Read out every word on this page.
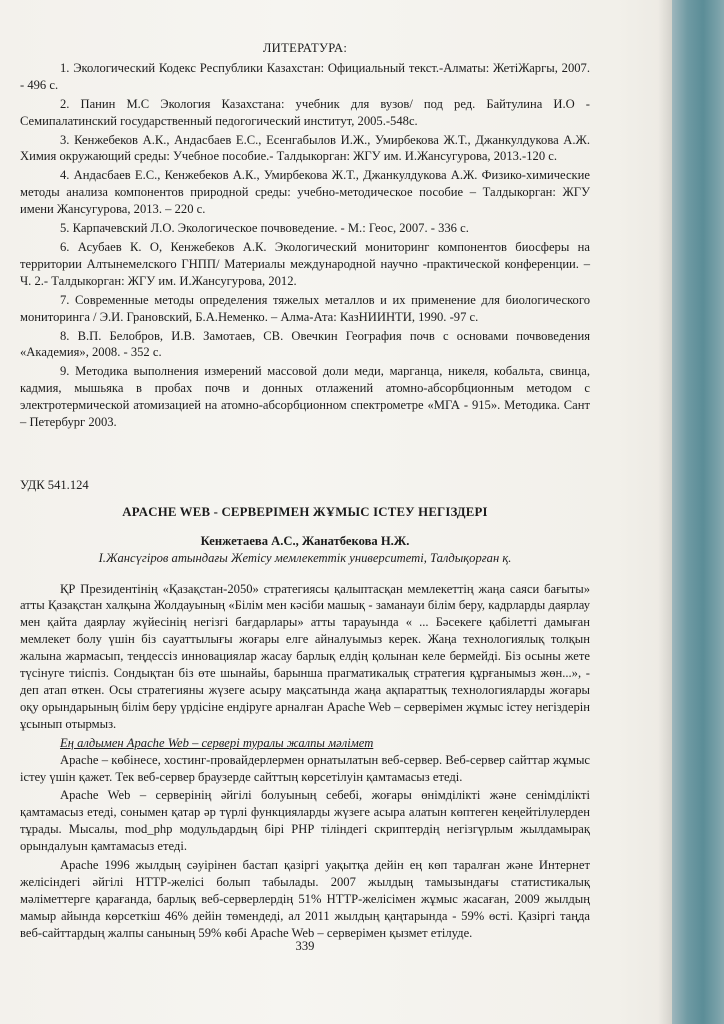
ЛИТЕРАТУРА:

1. Экологический Кодекс Республики Казахстан: Официальный текст.-Алматы: ЖетiЖаргы, 2007. - 496 с.

2. Панин М.С Экология Казахстана: учебник для вузов/ под ред. Байтулина И.О - Семипалатинский государственный педогогический институт, 2005.-548с.

3. Кенжебеков А.К., Андасбаев Е.С., Есенгабылов И.Ж., Умирбекова Ж.Т., Джанкулдукова А.Ж. Химия окружающий среды: Учебное пособие.- Талдыкорган: ЖГУ им. И.Жансугурова, 2013.-120 с.

4. Андасбаев Е.С., Кенжебеков А.К., Умирбекова Ж.Т., Джанкулдукова А.Ж. Физико-химические методы анализа компонентов природной среды: учебно-методическое пособие – Талдыкорган: ЖГУ имени Жансугурова, 2013. – 220 с.

5. Карпачевский Л.О. Экологическое почвоведение. - М.: Геос, 2007. - 336 с.

6. Асубаев К. О, Кенжебеков А.К. Экологический мониторинг компонентов биосферы на территории Алтынемелского ГНПП/ Материалы международной научно -практической конференции. – Ч. 2.- Талдыкорган: ЖГУ им. И.Жансугурова, 2012.

7. Современные методы определения тяжелых металлов и их применение для биологического мониторинга / Э.И. Грановский, Б.А.Неменко. – Алма-Ата: КазНИИНТИ, 1990. -97 с.

8. В.П. Белобров, И.В. Замотаев, СВ. Овечкин География почв с основами почвоведения «Академия», 2008. - 352 с.

9. Методика выполнения измерений массовой доли меди, марганца, никеля, кобальта, свинца, кадмия, мышьяка в пробах почв и донных отлажений атомно-абсорбционным методом с электротермической атомизацией на атомно-абсорбционном спектрометре «МГА - 915». Методика. Сант – Петербург 2003.

УДК 541.124

APACHE WEB - СЕРВЕРІМЕН ЖҰМЫС ІСТЕУ НЕГІЗДЕРІ

Кенжетаева А.С., Жанатбекова Н.Ж.

І.Жансүгіров атындағы Жетісу мемлекеттік университеті, Талдықорған қ.

ҚР Президентінің «Қазақстан-2050» стратегиясы қалыптасқан мемлекеттің жаңа саяси бағыты» атты Қазақстан халқына Жолдауының «Білім мен кәсіби машық - заманауи білім беру, кадрларды даярлау мен қайта даярлау жүйесінің негізгі бағдарлары» атты тарауында « ... Бәсекеге қабілетті дамыған мемлекет болу үшін біз сауаттылығы жоғары елге айналуымыз керек. Жаңа технологиялық толқын жалына жармасып, теңдессіз инновациялар жасау барлық елдің қолынан келе бермейді. Біз осыны жете түсінуге тиіспіз. Сондықтан біз өте шынайы, барынша прагматикалық стратегия құрғанымыз жөн...», - деп атап өткен. Осы стратегияны жүзеге асыру мақсатында жаңа ақпараттық технологияларды жоғары оқу орындарының білім беру үрдісіне ендіруге арналған Apache Web – серверімен жұмыс істеу негіздерін ұсынып отырмыз.

Ең алдымен Apache Web – сервері туралы жалпы мәлімет

Apache – көбінесе, хостинг-провайдерлермен орнатылатын веб-сервер. Веб-сервер сайттар жұмыс істеу үшін қажет. Тек веб-сервер браузерде сайттың көрсетілуін қамтамасыз етеді.

Apache Web – серверінің әйгілі болуының себебі, жоғары өнімділікті және сенімділікті қамтамасыз етеді, сонымен қатар әр түрлі функцияларды жүзеге асыра алатын көптеген кеңейтілулерден тұрады. Мысалы, mod_php модульдардың бірі PHP тіліндегі скриптердің негізгүрлым жылдамырақ орындалуын қамтамасыз етеді.

Apache 1996 жылдың сәуірінен бастап қазіргі уақытқа дейін ең көп таралған және Интернет желісіндегі әйгілі HTTP-желісі болып табылады. 2007 жылдың тамызындағы статистикалық мәліметтерге қарағанда, барлық веб-серверлердің 51% HTTP-желісімен жұмыс жасаған, 2009 жылдың мамыр айында көрсеткіш 46% дейін төмендеді, ал 2011 жылдың қаңтарында - 59% өсті. Қазіргі таңда веб-сайттардың жалпы санының 59% көбі Apache Web – серверімен қызмет етілуде.

339
